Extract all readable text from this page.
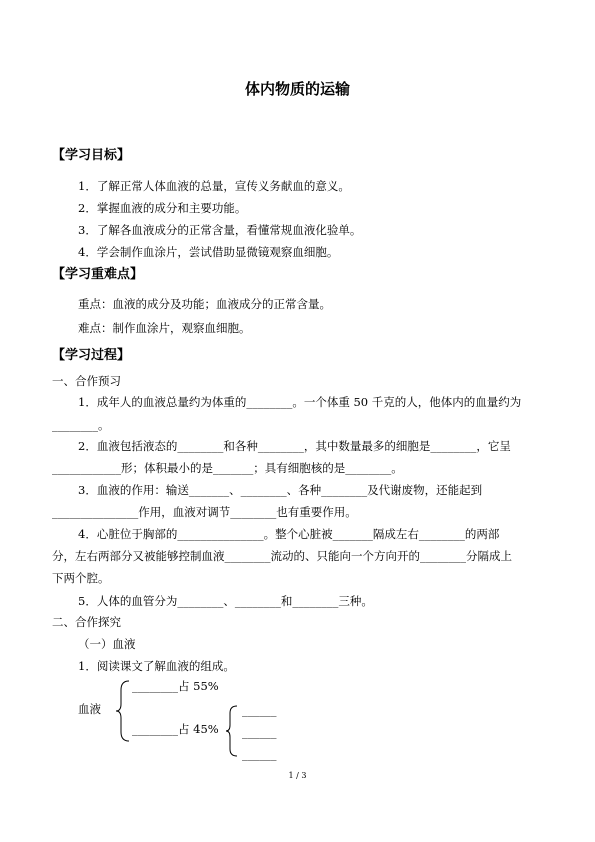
体内物质的运输
【学习目标】
1．了解正常人体血液的总量，宣传义务献血的意义。
2．掌握血液的成分和主要功能。
3．了解各血液成分的正常含量，看懂常规血液化验单。
4．学会制作血涂片，尝试借助显微镜观察血细胞。
【学习重难点】
重点：血液的成分及功能；血液成分的正常含量。
难点：制作血涂片，观察血细胞。
【学习过程】
一、合作预习
1．成年人的血液总量约为体重的________。一个体重 50 千克的人，他体内的血量约为
________。
2．血液包括液态的________和各种________，其中数量最多的细胞是________，它呈
____________形；体积最小的是_______；具有细胞核的是________。
3．血液的作用：输送_______、________、各种________及代谢废物，还能起到
_______________作用，血液对调节________也有重要作用。
4．心脏位于胸部的_______________。整个心脏被_______隔成左右________的两部
分，左右两部分又被能够控制血液________流动的、只能向一个方向开的________分隔成上
下两个腔。
5．人体的血管分为________、________和________三种。
二、合作探究
（一）血液
1．阅读课文了解血液的组成。
血液
________占 55%
________占 45%
______
______
______
1 / 3
